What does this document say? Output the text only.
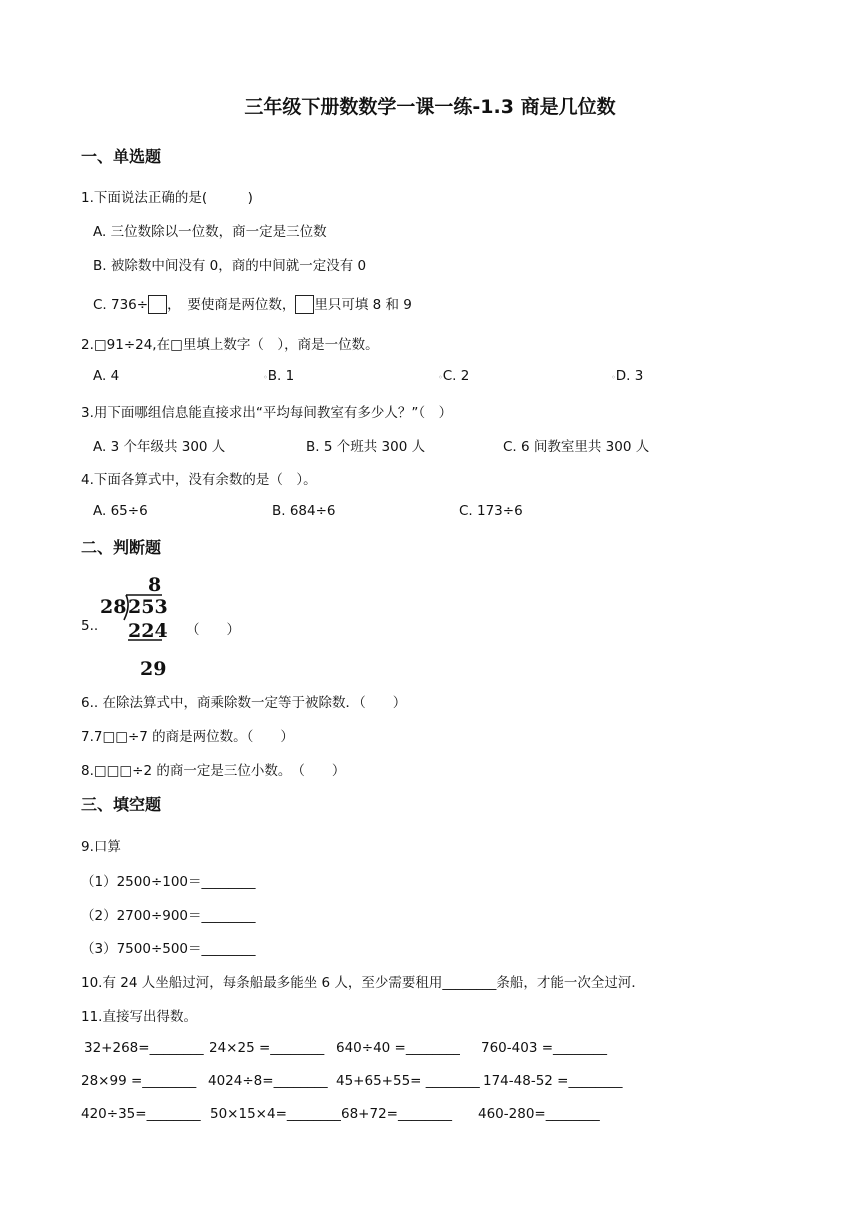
三年级下册数数学一课一练-1.3 商是几位数
一、单选题
1.下面说法正确的是(　　　)
A. 三位数除以一位数，商一定是三位数
B. 被除数中间没有 0，商的中间就一定没有 0
C. 736÷ ，　要使商是两位数， 里只可填 8 和 9
2.□91÷24,在□里填上数字（　），商是一位数。
A. 4	◦B. 1	◦C. 2	◦D. 3
3.用下面哪组信息能直接求出“平均每间教室有多少人？”（　）
A. 3 个年级共 300 人	B. 5 个班共 300 人	C. 6 间教室里共 300 人
4.下面各算式中，没有余数的是（　）。
A. 65÷6	B. 684÷6	C. 173÷6
二、判断题
5..
8
28 253
224
29
（　　）
6.. 在除法算式中，商乘除数一定等于被除数．（　　）
7.7□□÷7 的商是两位数。（　　）
8.□□□÷2 的商一定是三位小数。　（　　）
三、填空题
9.口算
（1）2500÷100＝________
（2）2700÷900＝________
（3）7500÷500＝________
10.有 24 人坐船过河，每条船最多能坐 6 人，至少需要租用________条船，才能一次全过河．
11.直接写出得数。
32+268=________ 24×25 =________ 640÷40 =________ 760-403 =________
28×99 =________ 4024÷8=________ 45+65+55= ________ 174-48-52 =________
420÷35=________ 50×15×4=________ 68+72=________ 460-280=________
